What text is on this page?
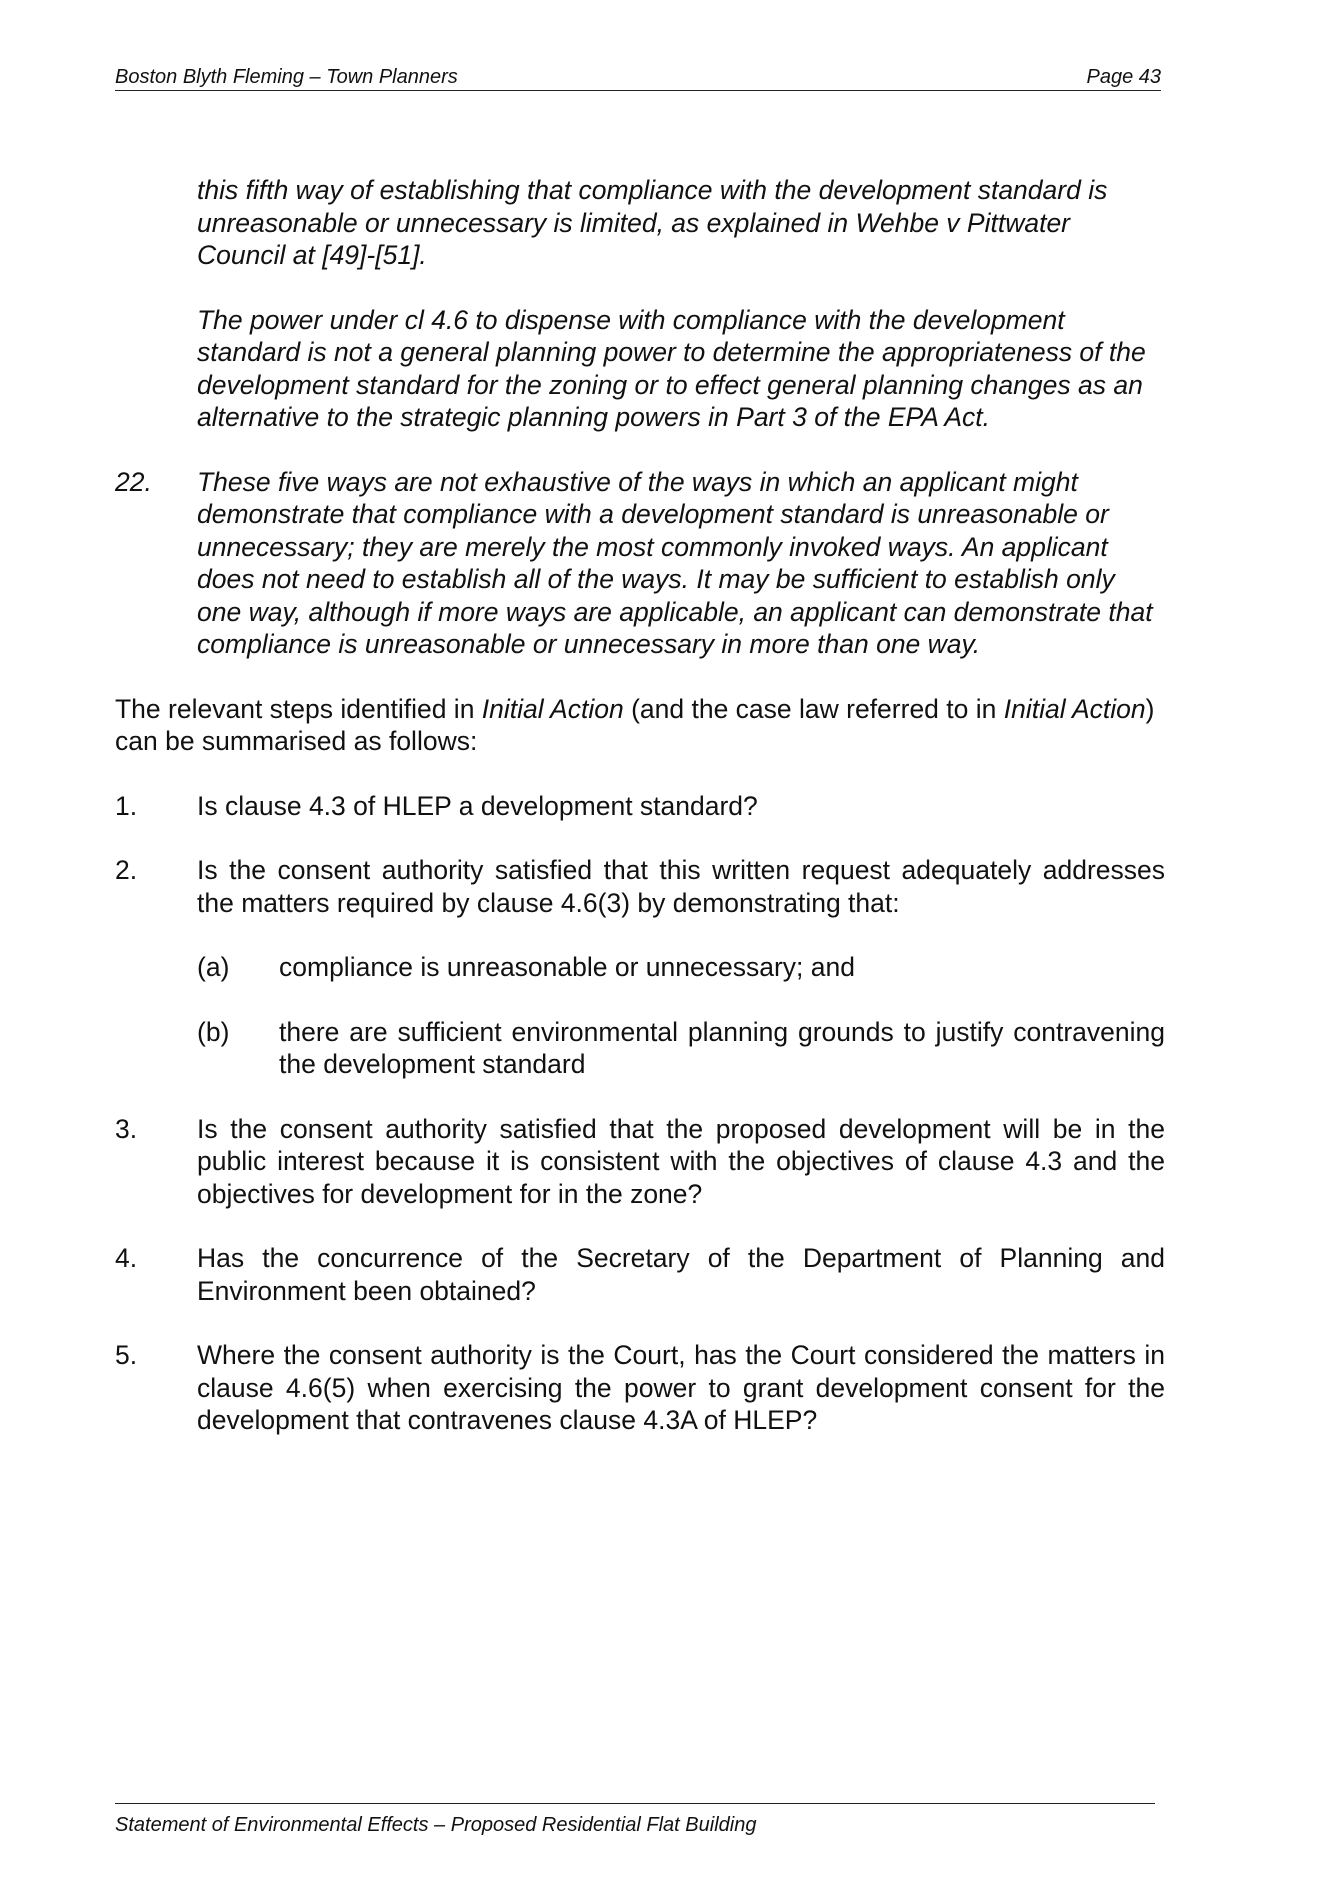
Boston Blyth Fleming – Town Planners	Page 43

this fifth way of establishing that compliance with the development standard is unreasonable or unnecessary is limited, as explained in Wehbe v Pittwater Council at [49]-[51].

The power under cl 4.6 to dispense with compliance with the development standard is not a general planning power to determine the appropriateness of the development standard for the zoning or to effect general planning changes as an alternative to the strategic planning powers in Part 3 of the EPA Act.

22.	These five ways are not exhaustive of the ways in which an applicant might demonstrate that compliance with a development standard is unreasonable or unnecessary; they are merely the most commonly invoked ways. An applicant does not need to establish all of the ways. It may be sufficient to establish only one way, although if more ways are applicable, an applicant can demonstrate that compliance is unreasonable or unnecessary in more than one way.

The relevant steps identified in Initial Action (and the case law referred to in Initial Action) can be summarised as follows:

1.	Is clause 4.3 of HLEP a development standard?
2.	Is the consent authority satisfied that this written request adequately addresses the matters required by clause 4.6(3) by demonstrating that:
(a)	compliance is unreasonable or unnecessary; and
(b)	there are sufficient environmental planning grounds to justify contravening the development standard
3.	Is the consent authority satisfied that the proposed development will be in the public interest because it is consistent with the objectives of clause 4.3 and the objectives for development for in the zone?
4.	Has the concurrence of the Secretary of the Department of Planning and Environment been obtained?
5.	Where the consent authority is the Court, has the Court considered the matters in clause 4.6(5) when exercising the power to grant development consent for the development that contravenes clause 4.3A of HLEP?
Statement of Environmental Effects – Proposed Residential Flat Building
